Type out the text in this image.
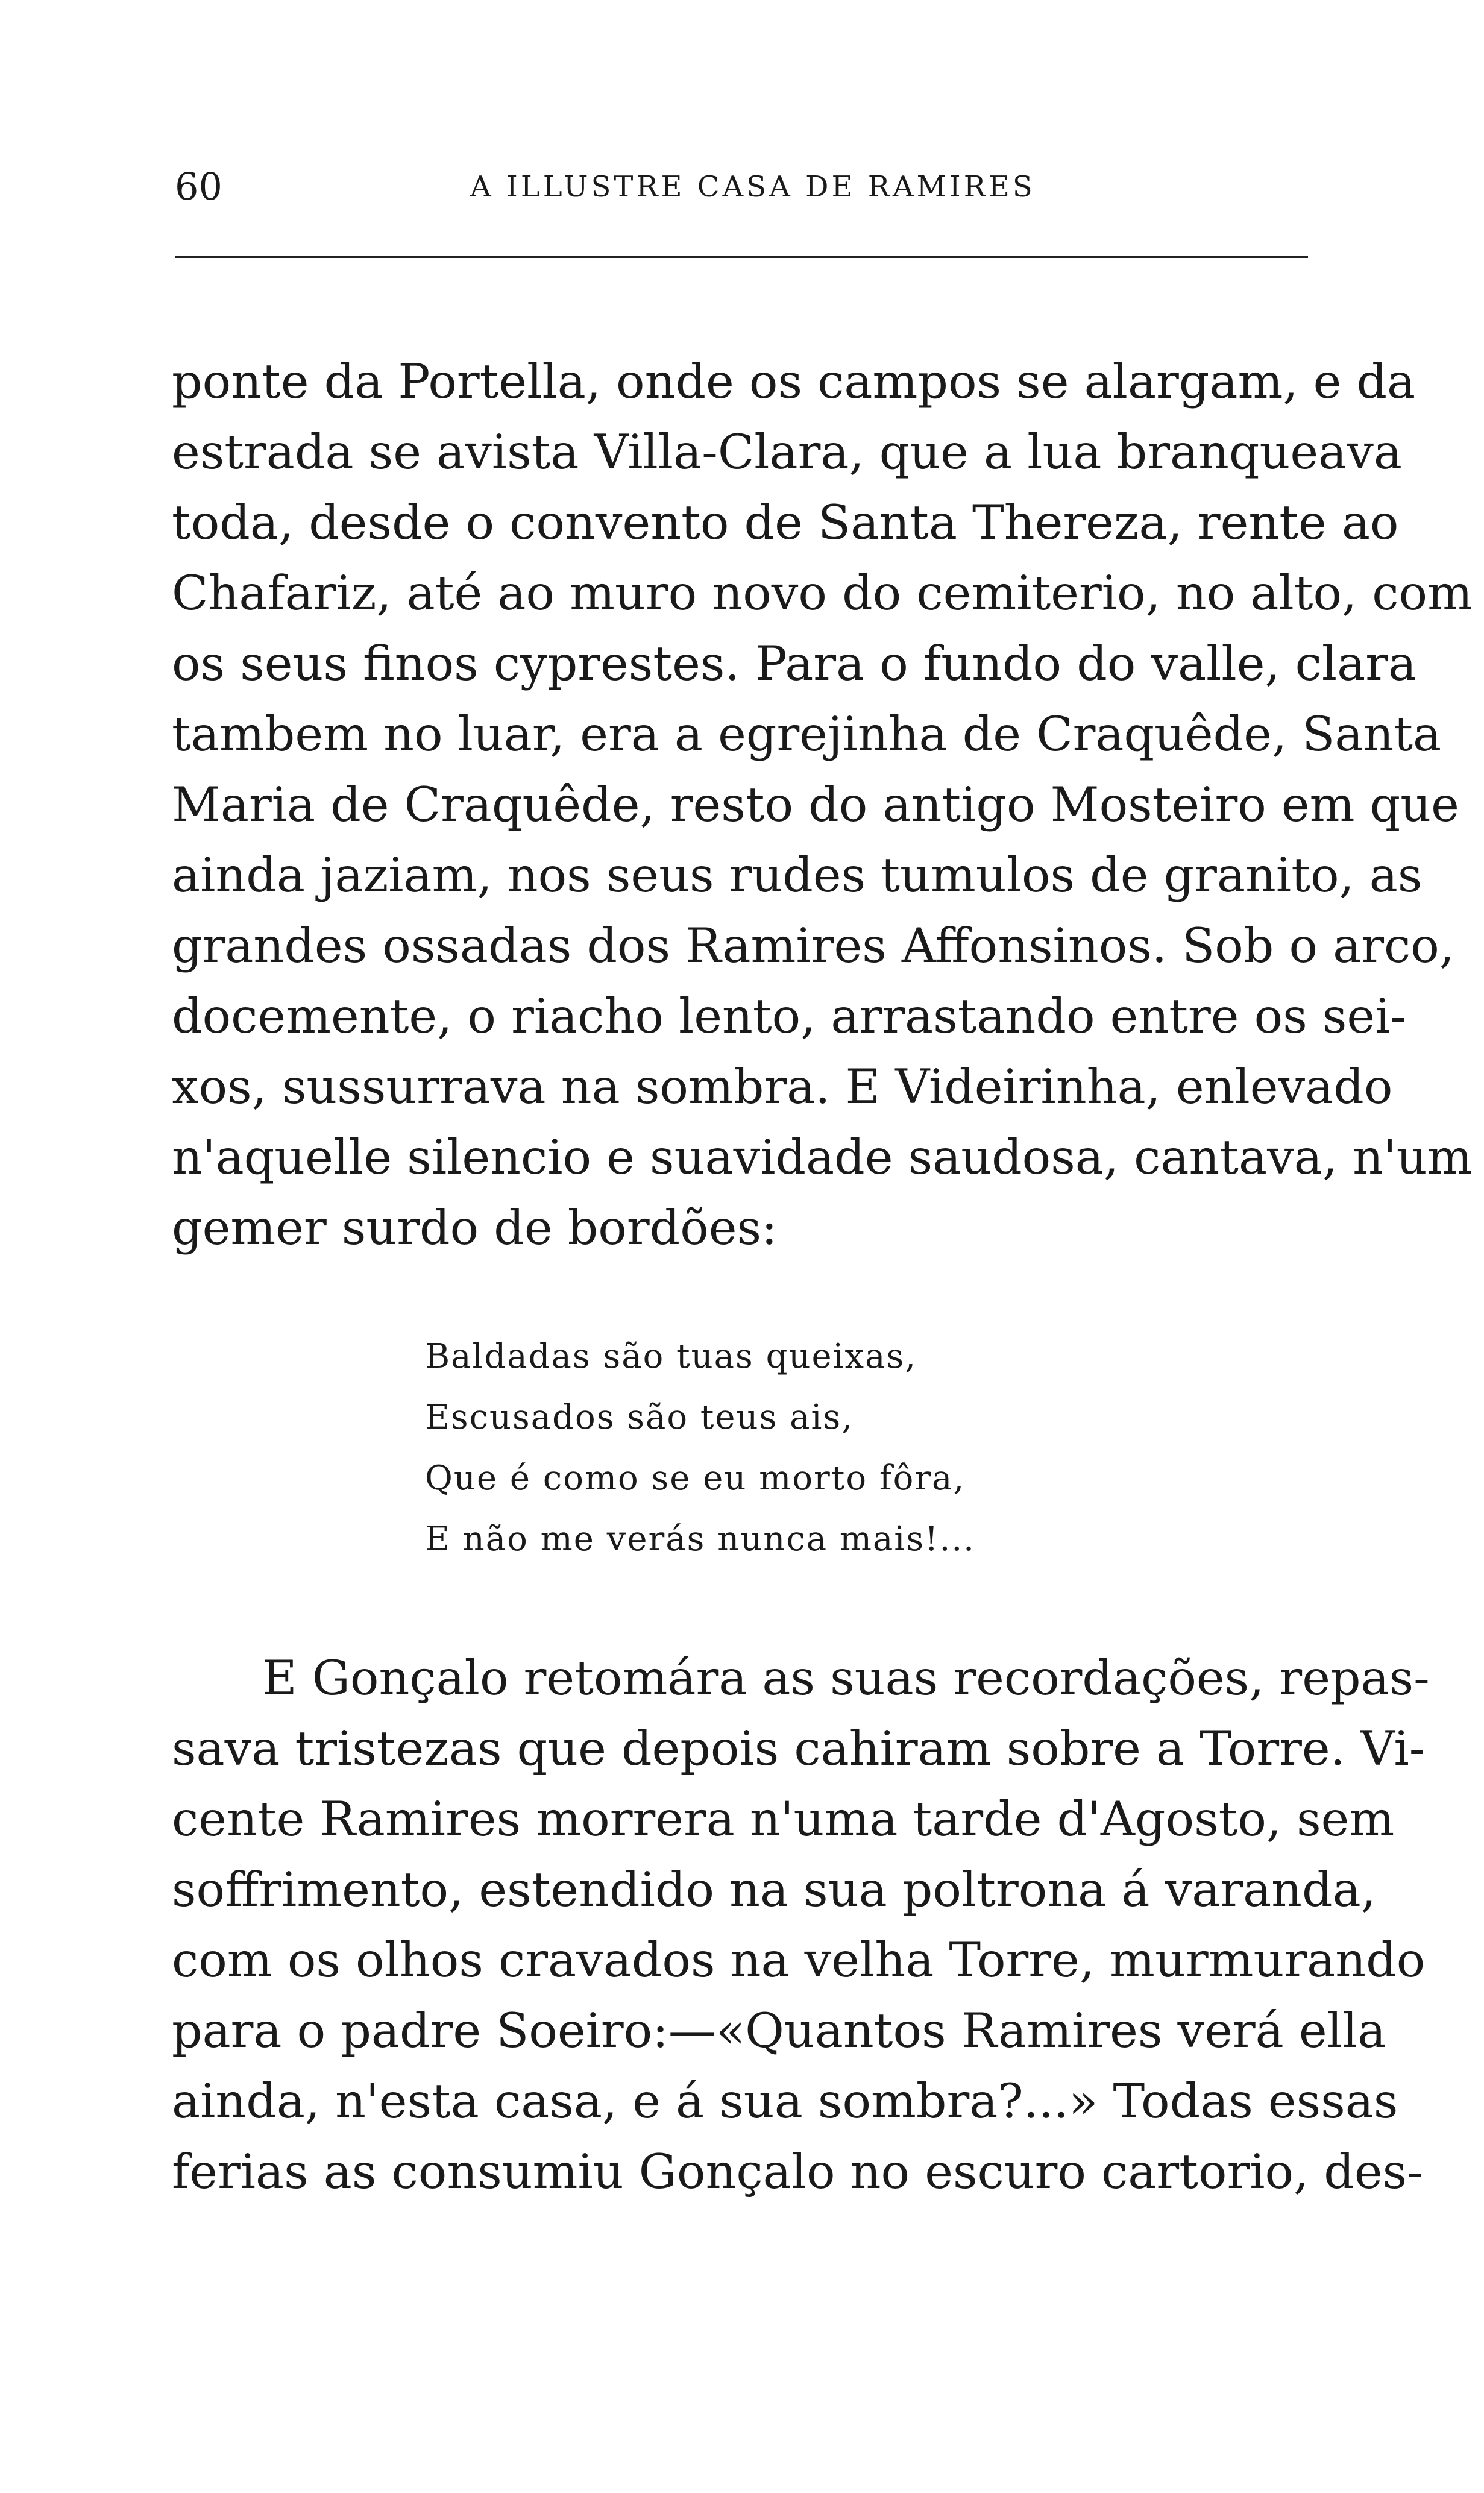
60	A ILLUSTRE CASA DE RAMIRES
ponte da Portella, onde os campos se alargam, e da
estrada se avista Villa-Clara, que a lua branqueava
toda, desde o convento de Santa Thereza, rente ao
Chafariz, até ao muro novo do cemiterio, no alto, com
os seus finos cyprestes. Para o fundo do valle, clara
tambem no luar, era a egrejinha de Craquêde, Santa
Maria de Craquêde, resto do antigo Mosteiro em que
ainda jaziam, nos seus rudes tumulos de granito, as
grandes ossadas dos Ramires Affonsinos. Sob o arco,
docemente, o riacho lento, arrastando entre os sei-
xos, sussurrava na sombra. E Videirinha, enlevado
n'aquelle silencio e suavidade saudosa, cantava, n'um
gemer surdo de bordões:
Baldadas são tuas queixas,
Escusados são teus ais,
Que é como se eu morto fôra,
E não me verás nunca mais!...
E Gonçalo retomára as suas recordações, repas-
sava tristezas que depois cahiram sobre a Torre. Vi-
cente Ramires morrera n'uma tarde d'Agosto, sem
soffrimento, estendido na sua poltrona á varanda,
com os olhos cravados na velha Torre, murmurando
para o padre Soeiro:—«Quantos Ramires verá ella
ainda, n'esta casa, e á sua sombra?...» Todas essas
ferias as consumiu Gonçalo no escuro cartorio, des-
